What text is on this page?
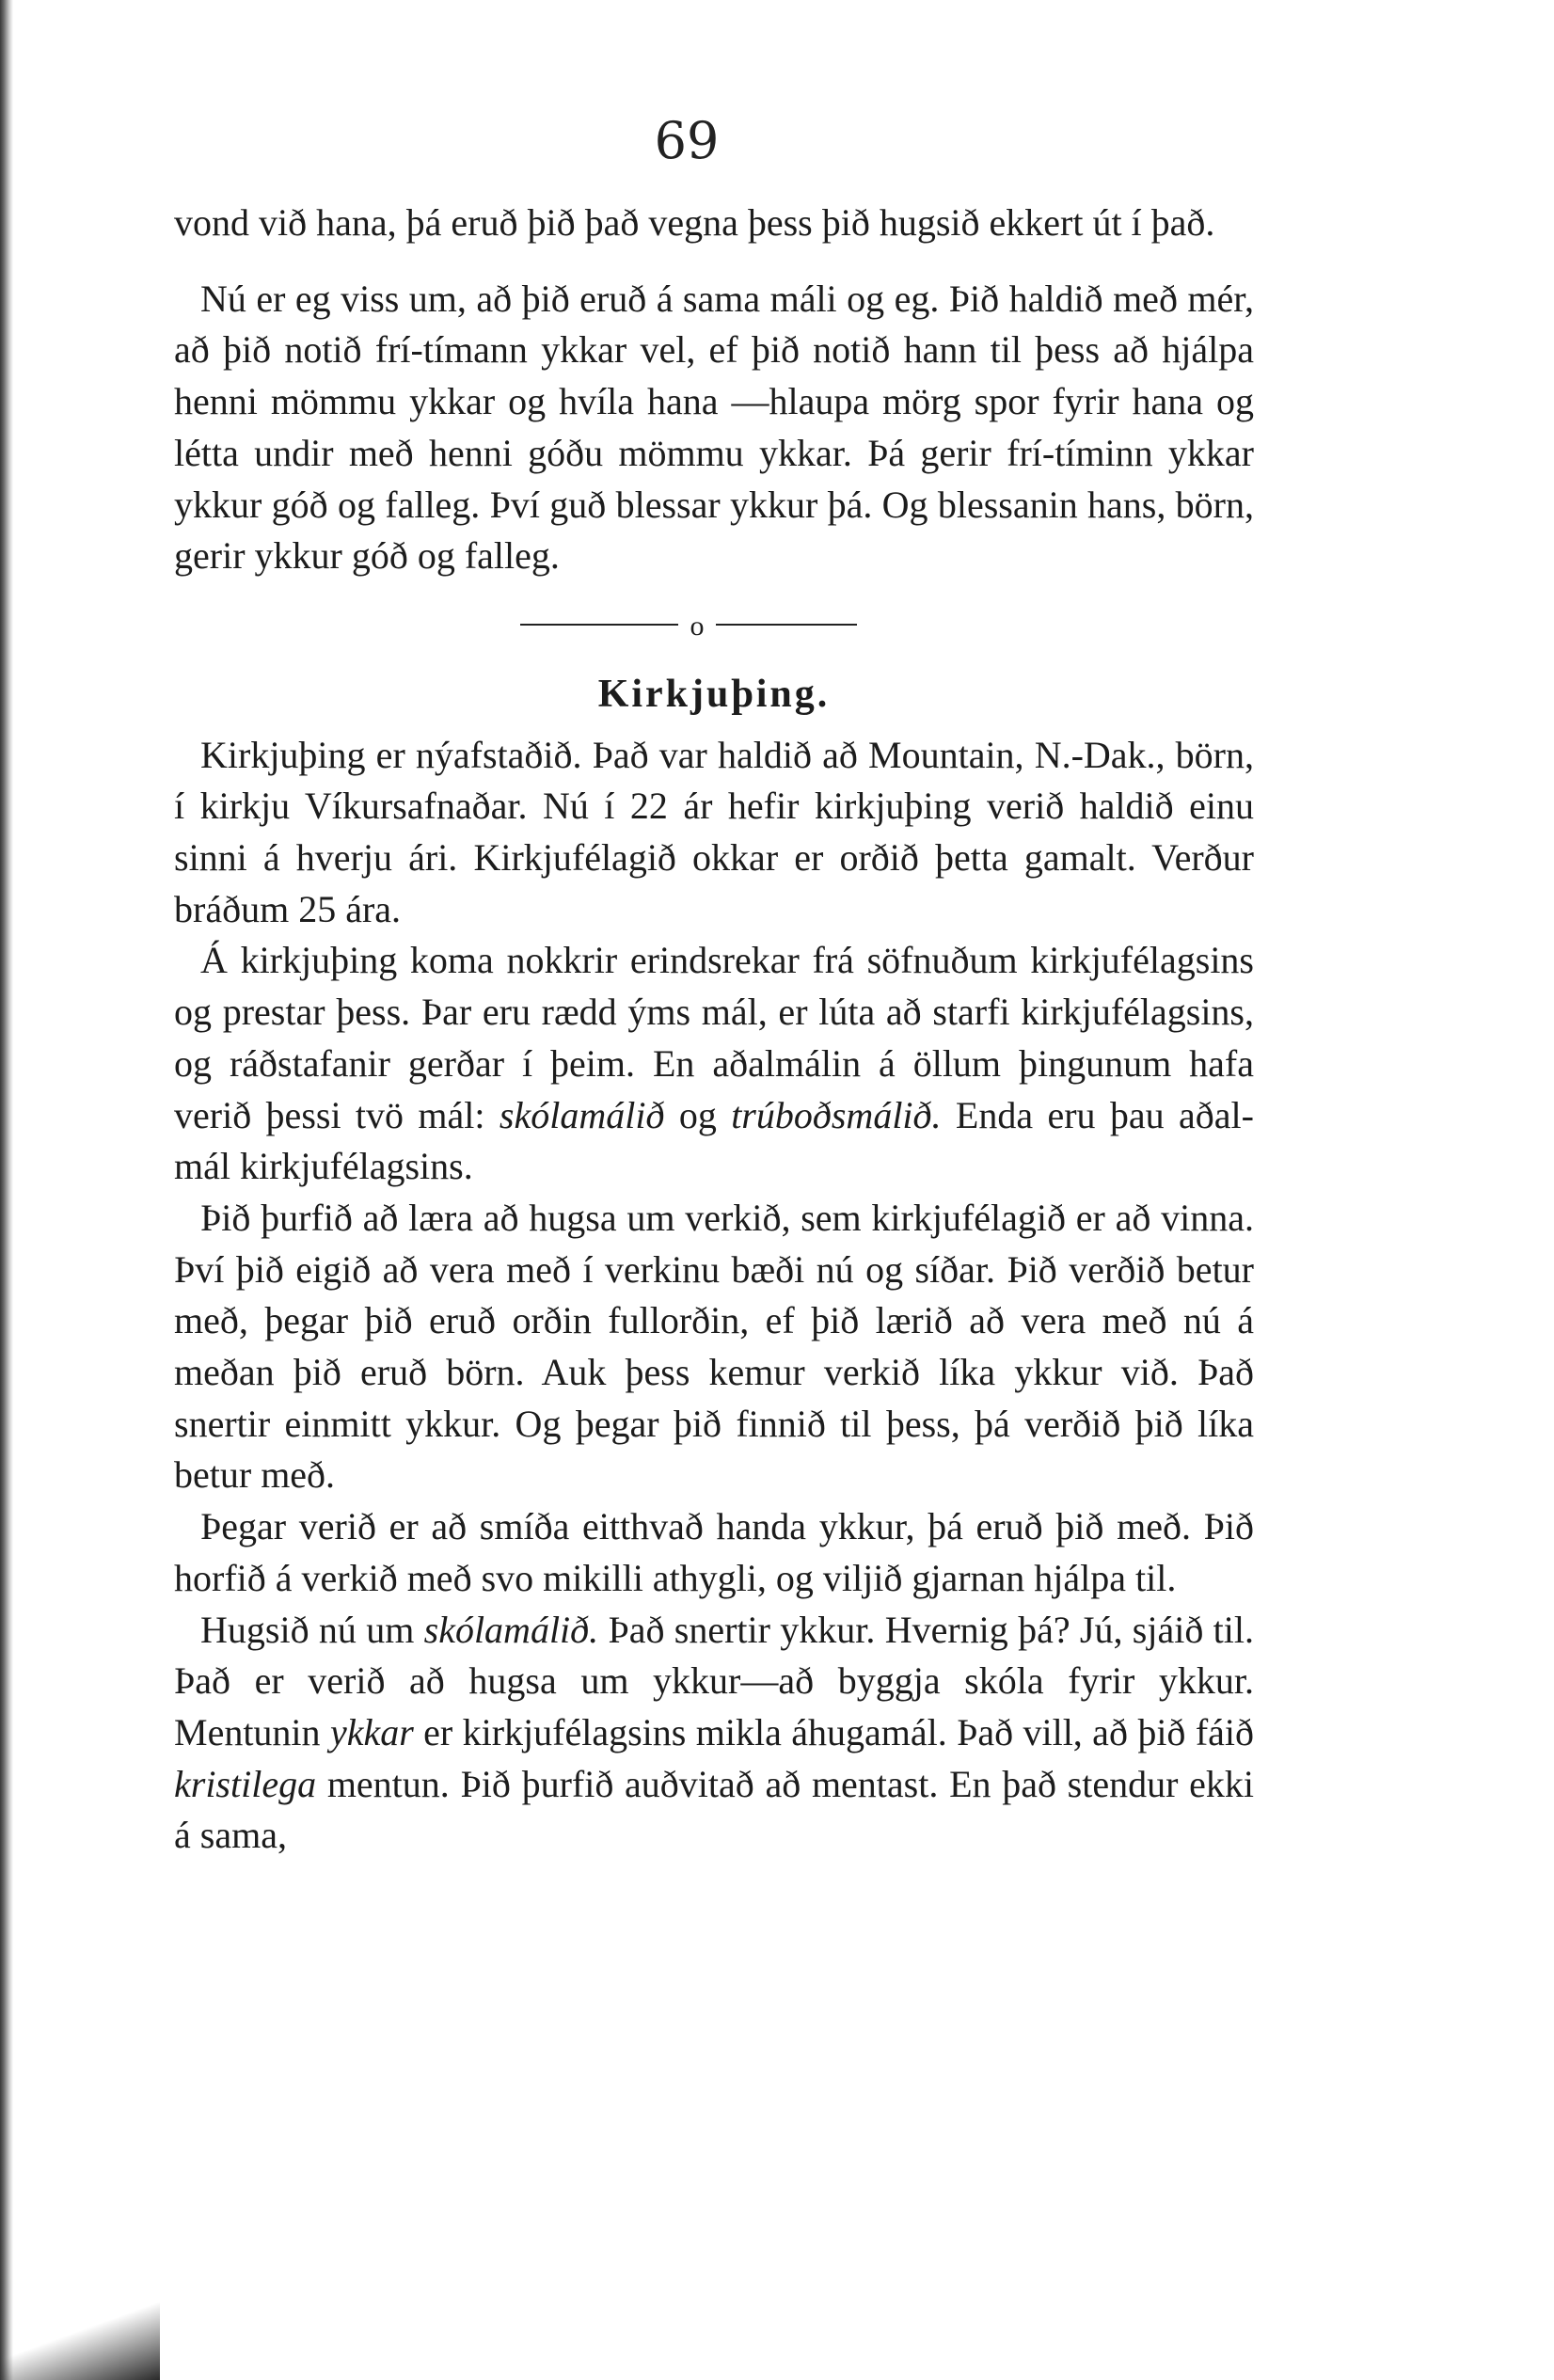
69

vond við hana, þá eruð þið það vegna þess þið hugsið ekkert út í það.

Nú er eg viss um, að þið eruð á sama máli og eg. Þið haldið með mér, að þið notið frí-tímann ykkar vel, ef þið notið hann til þess að hjálpa henni mömmu ykkar og hvíla hana —hlaupa mörg spor fyrir hana og létta undir með henni góðu mömmu ykkar. Þá gerir frí-tíminn ykkar ykkur góð og falleg. Því guð blessar ykkur þá. Og blessanin hans, börn, gerir ykkur góð og falleg.

o
Kirkjuþing.

Kirkjuþing er nýafstaðið. Það var haldið að Mountain, N.-Dak., börn, í kirkju Víkursafnaðar. Nú í 22 ár hefir kirkjuþing verið haldið einu sinni á hverju ári. Kirkjufélagið okkar er orðið þetta gamalt. Verður bráðum 25 ára.

Á kirkjuþing koma nokkrir erindsrekar frá söfnuðum kirkjufélagsins og prestar þess. Þar eru rædd ýms mál, er lúta að starfi kirkjufélagsins, og ráðstafanir gerðar í þeim. En aðalmálin á öllum þingunum hafa verið þessi tvö mál: skólamálið og trúboðsmálið. Enda eru þau aðal-mál kirkjufélagsins.

Þið þurfið að læra að hugsa um verkið, sem kirkjufélagið er að vinna. Því þið eigið að vera með í verkinu bæði nú og síðar. Þið verðið betur með, þegar þið eruð orðin fullorðin, ef þið lærið að vera með nú á meðan þið eruð börn. Auk þess kemur verkið líka ykkur við. Það snertir einmitt ykkur. Og þegar þið finnið til þess, þá verðið þið líka betur með.

Þegar verið er að smíða eitthvað handa ykkur, þá eruð þið með. Þið horfið á verkið með svo mikilli athygli, og viljið gjarnan hjálpa til.

Hugsið nú um skólamálið. Það snertir ykkur. Hvernig þá? Jú, sjáið til. Það er verið að hugsa um ykkur—að byggja skóla fyrir ykkur. Mentunin ykkar er kirkjufélagsins mikla áhugamál. Það vill, að þið fáið kristilega mentun. Þið þurfið auðvitað að mentast. En það stendur ekki á sama,
